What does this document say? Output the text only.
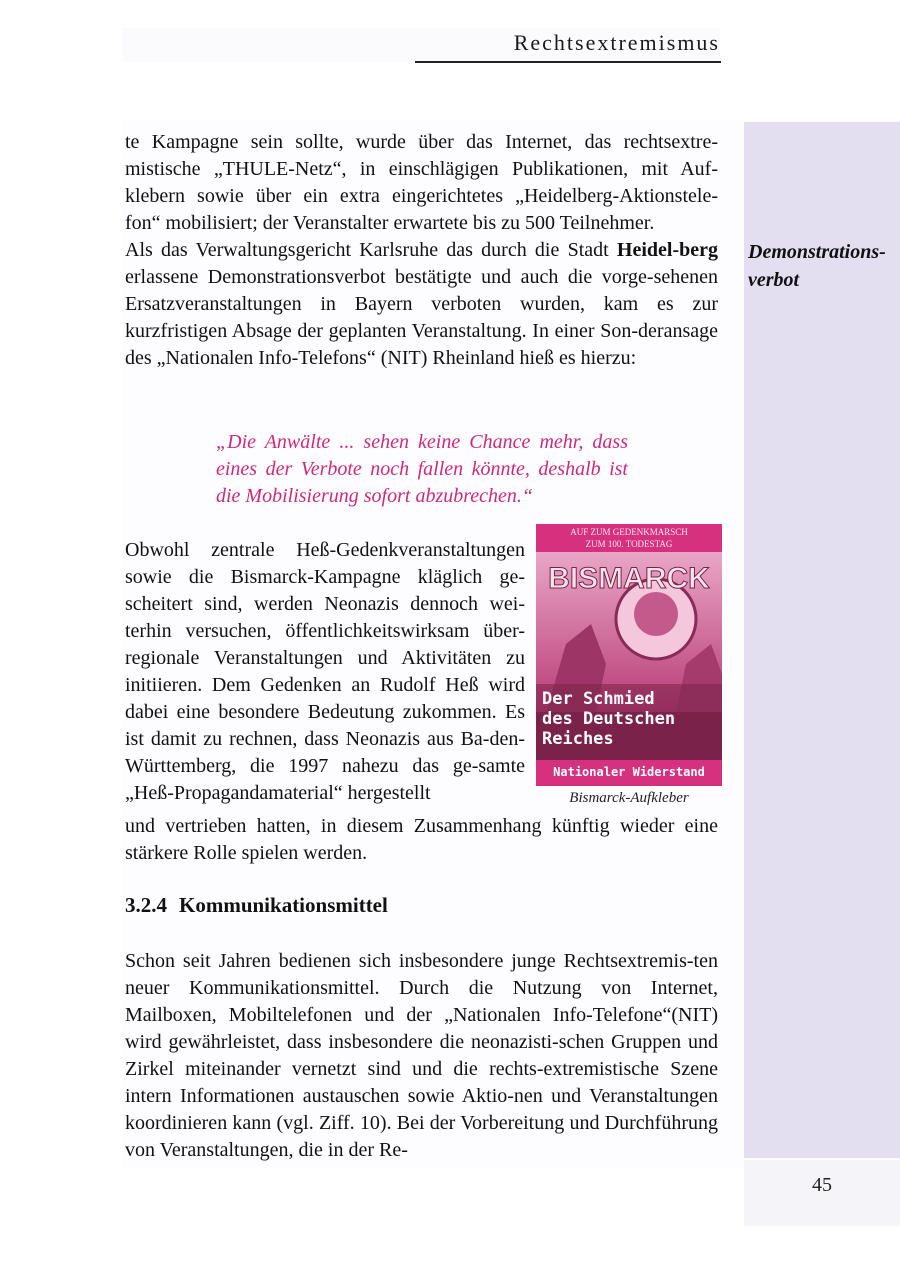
Rechtsextremismus
Demonstrations-
verbot
te Kampagne sein sollte, wurde über das Internet, das rechtsextre-
mistische „THULE-Netz“, in einschlägigen Publikationen, mit Auf-
klebern sowie über ein extra eingerichtetes „Heidelberg-Aktionstele-
fon“ mobilisiert; der Veranstalter erwartete bis zu 500 Teilnehmer.
Als das Verwaltungsgericht Karlsruhe das durch die Stadt Heidel-berg erlassene Demonstrationsverbot bestätigte und auch die vorge-sehenen Ersatzveranstaltungen in Bayern verboten wurden, kam es zur kurzfristigen Absage der geplanten Veranstaltung. In einer Son-deransage des „Nationalen Info-Telefons“ (NIT) Rheinland hieß es hierzu:
„Die Anwälte ... sehen keine Chance mehr, dass eines der Verbote noch fallen könnte, deshalb ist die Mobilisierung sofort abzubrechen.“
Obwohl zentrale Heß-Gedenkveranstaltungen sowie die Bismarck-Kampagne kläglich ge-scheitert sind, werden Neonazis dennoch wei-terhin versuchen, öffentlichkeitswirksam über-regionale Veranstaltungen und Aktivitäten zu initiieren. Dem Gedenken an Rudolf Heß wird dabei eine besondere Bedeutung zukommen. Es ist damit zu rechnen, dass Neonazis aus Ba-den-Württemberg, die 1997 nahezu das ge-samte „Heß-Propagandamaterial“ hergestellt
AUF ZUM GEDENKMARSCH
ZUM 100. TODESTAG
BISMARCK
Der Schmied
des Deutschen
Reiches
Nationaler Widerstand
Bismarck-Aufkleber
und vertrieben hatten, in diesem Zusammenhang künftig wieder eine stärkere Rolle spielen werden.
3.2.4 Kommunikationsmittel
Schon seit Jahren bedienen sich insbesondere junge Rechtsextremis-ten neuer Kommunikationsmittel. Durch die Nutzung von Internet, Mailboxen, Mobiltelefonen und der „Nationalen Info-Telefone“(NIT) wird gewährleistet, dass insbesondere die neonazisti-schen Gruppen und Zirkel miteinander vernetzt sind und die rechts-extremistische Szene intern Informationen austauschen sowie Aktio-nen und Veranstaltungen koordinieren kann (vgl. Ziff. 10). Bei der Vorbereitung und Durchführung von Veranstaltungen, die in der Re-
45
